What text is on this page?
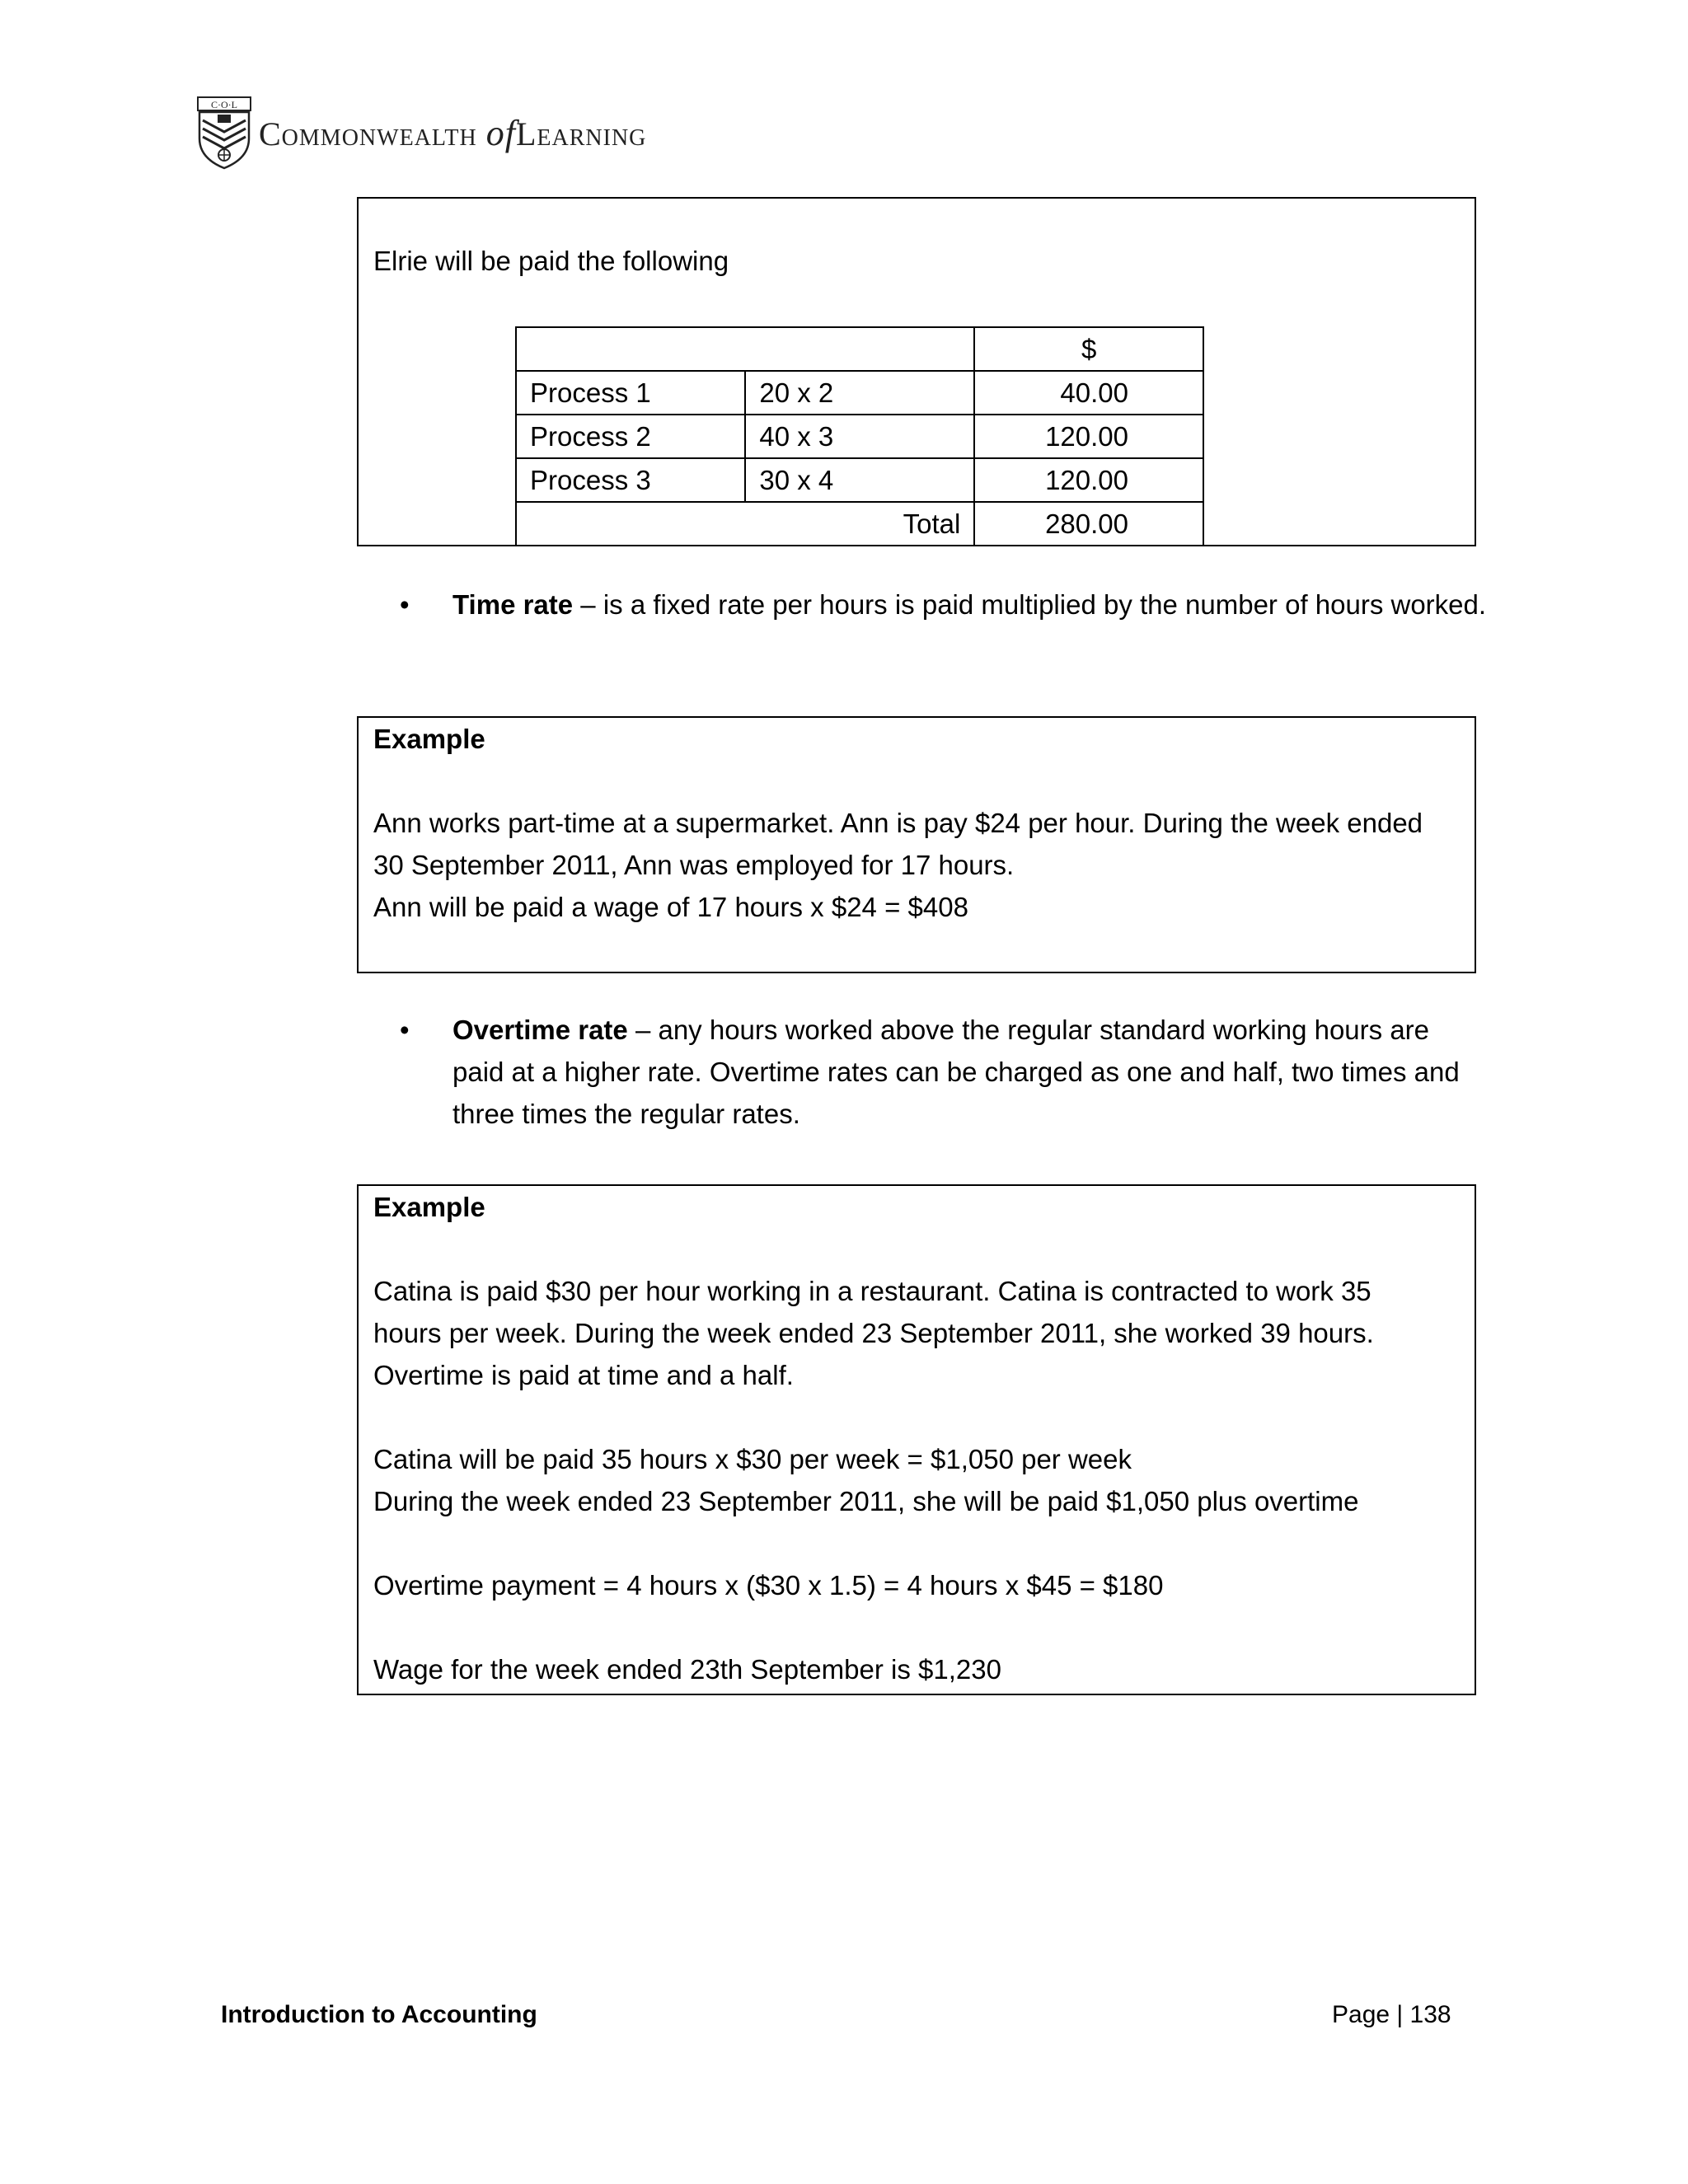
C·O·L
Commonwealth ofLearning

Elrie will be paid the following

		$
Process 1	20 x 2	40.00
Process 2	40 x 3	120.00
Process 3	30 x 4	120.00
Total		280.00
• Time rate – is a fixed rate per hours is paid multiplied by the number of hours worked.

Example

Ann works part-time at a supermarket. Ann is pay $24 per hour. During the week ended

30 September 2011, Ann was employed for 17 hours.

Ann will be paid a wage of 17 hours x $24 = $408

• Overtime rate – any hours worked above the regular standard working hours are paid at a higher rate. Overtime rates can be charged as one and half, two times and three times the regular rates.

Example

Catina is paid $30 per hour working in a restaurant. Catina is contracted to work 35

hours per week. During the week ended 23 September 2011, she worked 39 hours.

Overtime is paid at time and a half.

Catina will be paid 35 hours x $30 per week = $1,050 per week

During the week ended 23 September 2011, she will be paid $1,050 plus overtime

Overtime payment = 4 hours x ($30 x 1.5) = 4 hours x $45 = $180

Wage for the week ended 23th September is $1,230

Introduction to Accounting	Page | 138
